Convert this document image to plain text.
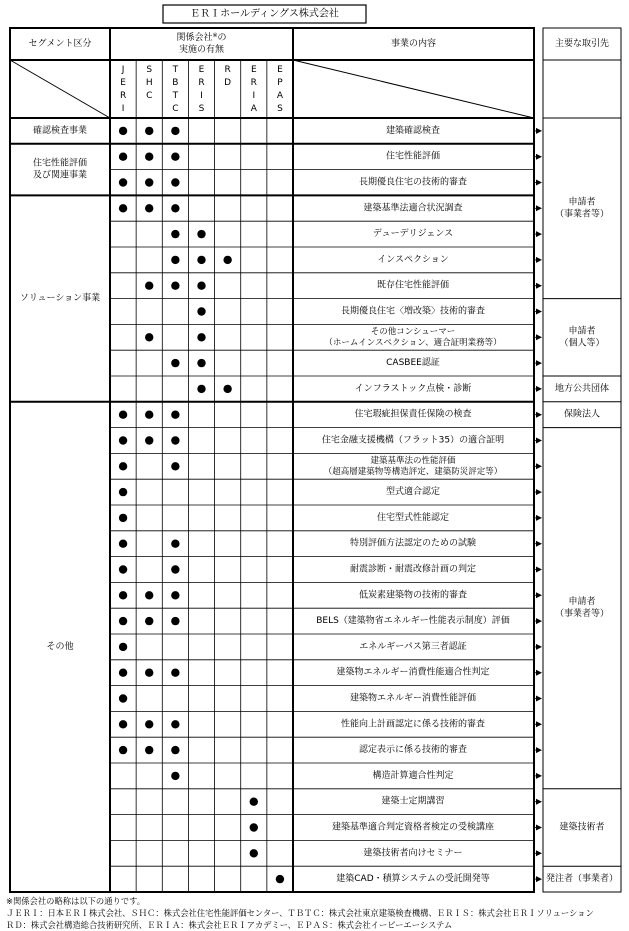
ＥＲＩホールディングス株式会社
セグメント区分
関係会社※の
実施の有無
事業の内容	主要な取引先
J
E
R
I
S
H
C
T
B
T
C
E
R
I
S
R
D
E
R
I
A
E
P
A
S
確認検査事業
住宅性能評価
及び関連事業
ソリューション事業
その他
建築確認検査
住宅性能評価
長期優良住宅の技術的審査
建築基準法適合状況調査
デューデリジェンス
インスペクション
既存住宅性能評価
長期優良住宅〈増改築〉技術的審査
その他コンシューマー
（ホームインスペクション、適合証明業務等）
CASBEE認証
インフラストック点検・診断
住宅瑕疵担保責任保険の検査
住宅金融支援機構（フラット35）の適合証明
建築基準法の性能評価
（超高層建築物等構造評定、建築防災評定等）
型式適合認定
住宅型式性能認定
特別評価方法認定のための試験
耐震診断・耐震改修計画の判定
低炭素建築物の技術的審査
BELS（建築物省エネルギー性能表示制度）評価
エネルギーパス第三者認証
建築物エネルギー消費性能適合性判定
建築物エネルギー消費性能評価
性能向上計画認定に係る技術的審査
認定表示に係る技術的審査
構造計算適合性判定
建築士定期講習
建築基準適合判定資格者検定の受検講座
建築技術者向けセミナー
建築CAD・積算システムの受託開発等
申請者
（事業者等）
申請者
（個人等）
地方公共団体
保険法人
申請者
（事業者等）
建築技術者
発注者（事業者）
※関係会社の略称は以下の通りです。
ＪＥＲＩ：日本ＥＲＩ株式会社、ＳＨＣ：株式会社住宅性能評価センター、ＴＢＴＣ：株式会社東京建築検査機構、ＥＲＩＳ：株式会社ＥＲＩソリューション
ＲＤ：株式会社構造総合技術研究所、ＥＲＩＡ：株式会社ＥＲＩアカデミー、ＥＰＡＳ：株式会社イーピーエーシステム
